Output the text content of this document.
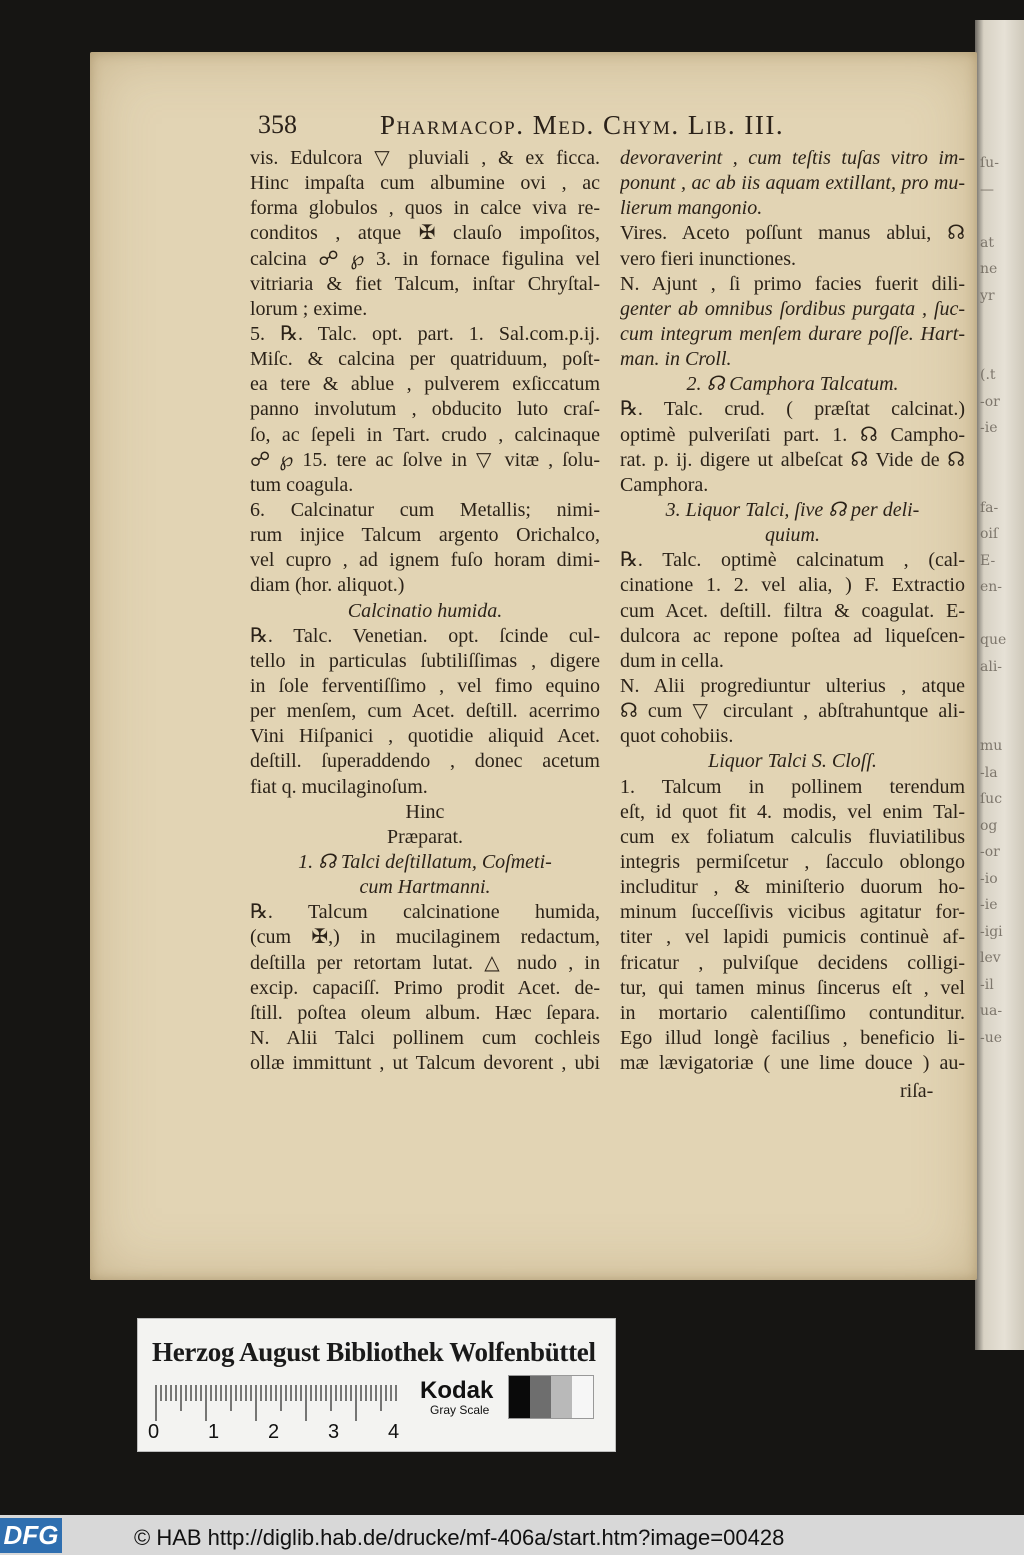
ſu-
—

at
ne
yr

(.t
-or
-ie

fa-
oiſ
E-
en-

que
ali-

mu
-la
ſuc
og
-or
-io
-ie
-igi
lev
-il
ua-
-ue
358	Pharmacop. Med. Chym. Lib. III.
vis. Edulcora ▽ pluviali , & ex ficca.
Hinc impaſta cum albumine ovi , ac
forma globulos , quos in calce viva re-
conditos , atque ✠ clauſo impoſitos,
calcina ☍ ℘ 3. in fornace figulina vel
vitriaria & fiet Talcum, inſtar Chryſtal-
lorum ; exime.
5. ℞. Talc. opt. part. 1. Sal.com.p.ij.
Miſc. & calcina per quatriduum, poſt-
ea tere & ablue , pulverem exſiccatum
panno involutum , obducito luto craſ-
ſo, ac ſepeli in Tart. crudo , calcinaque
☍ ℘ 15. tere ac ſolve in ▽ vitæ , ſolu-
tum coagula.
6. Calcinatur cum Metallis; nimi-
rum injice Talcum argento Orichalco,
vel cupro , ad ignem fuſo horam dimi-
diam (hor. aliquot.)
Calcinatio humida.
℞. Talc. Venetian. opt. ſcinde cul-
tello in particulas ſubtiliſſimas , digere
in ſole ferventiſſimo , vel fimo equino
per menſem, cum Acet. deſtill. acerrimo
Vini Hiſpanici , quotidie aliquid Acet.
deſtill. ſuperaddendo , donec acetum
fiat q. mucilaginoſum.
Hinc
Præparat.
1. ☊ Talci deſtillatum, Coſmeti-
cum Hartmanni.
℞. Talcum calcinatione humida,
(cum ✠,) in mucilaginem redactum,
deſtilla per retortam lutat. △ nudo , in
excip. capaciſſ. Primo prodit Acet. de-
ſtill. poſtea oleum album. Hæc ſepara.
N. Alii Talci pollinem cum cochleis
ollæ immittunt , ut Talcum devorent , ubi
devoraverint , cum teſtis tuſas vitro im-
ponunt , ac ab iis aquam extillant, pro mu-
lierum mangonio.
Vires. Aceto poſſunt manus ablui, ☊
vero fieri inunctiones.
N. Ajunt , ſi primo facies fuerit dili-
genter ab omnibus ſordibus purgata , ſuc-
cum integrum menſem durare poſſe. Hart-
man. in Croll.
2. ☊ Camphora Talcatum.
℞. Talc. crud. ( præſtat calcinat.)
optimè pulveriſati part. 1. ☊ Campho-
rat. p. ij. digere ut albeſcat ☊ Vide de ☊
Camphora.
3. Liquor Talci, ſive ☊ per deli-
quium.
℞. Talc. optimè calcinatum , (cal-
cinatione 1. 2. vel alia, ) F. Extractio
cum Acet. deſtill. filtra & coagulat. E-
dulcora ac repone poſtea ad liqueſcen-
dum in cella.
N. Alii progrediuntur ulterius , atque
☊ cum ▽ circulant , abſtrahuntque ali-
quot cohobiis.
Liquor Talci S. Cloſſ.
1. Talcum in pollinem terendum
eſt, id quot fit 4. modis, vel enim Tal-
cum ex foliatum calculis fluviatilibus
integris permiſcetur , ſacculo oblongo
includitur , & miniſterio duorum ho-
minum ſucceſſivis vicibus agitatur for-
titer , vel lapidi pumicis continuè af-
fricatur , pulviſque decidens colligi-
tur, qui tamen minus ſincerus eſt , vel
in mortario calentiſſimo contunditur.
Ego illud longè facilius , beneficio li-
mæ lævigatoriæ ( une lime douce ) au-
riſa-
Herzog August Bibliothek Wolfenbüttel
0 1 2 3 4
Kodak
Gray Scale
DFG	© HAB http://diglib.hab.de/drucke/mf-406a/start.htm?image=00428
